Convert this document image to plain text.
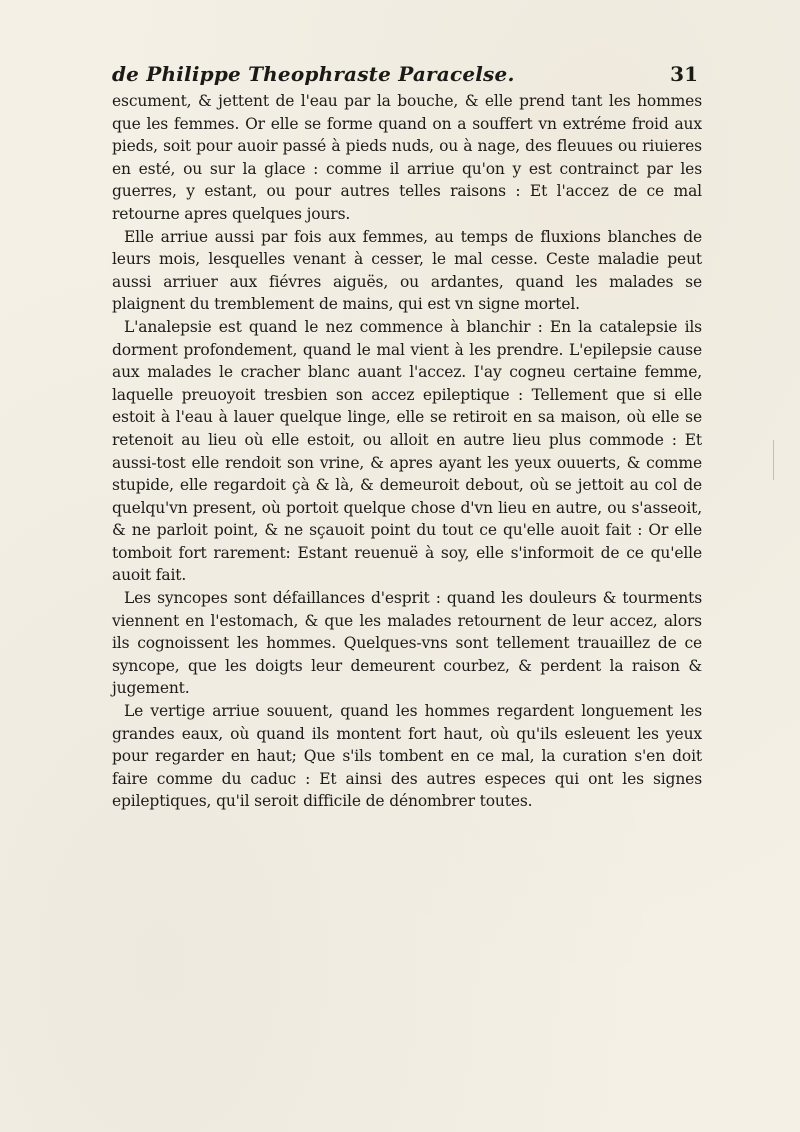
de Philippe Theophraste Paracelse.	31

escument, & jettent de l'eau par la bouche, & elle prend tant les hommes que les femmes. Or elle se forme quand on a souffert vn extréme froid aux pieds, soit pour auoir passé à pieds nuds, ou à nage, des fleuues ou riuieres en esté, ou sur la glace : comme il arriue qu'on y est contrainct par les guerres, y estant, ou pour autres telles raisons : Et l'accez de ce mal retourne apres quelques jours.

Elle arriue aussi par fois aux femmes, au temps de fluxions blanches de leurs mois, lesquelles venant à cesser, le mal cesse. Ceste maladie peut aussi arriuer aux fiévres aiguës, ou ardantes, quand les malades se plaignent du tremblement de mains, qui est vn signe mortel.

L'analepsie est quand le nez commence à blanchir : En la catalepsie ils dorment profondement, quand le mal vient à les prendre. L'epilepsie cause aux malades le cracher blanc auant l'accez. I'ay cogneu certaine femme, laquelle preuoyoit tresbien son accez epileptique : Tellement que si elle estoit à l'eau à lauer quelque linge, elle se retiroit en sa maison, où elle se retenoit au lieu où elle estoit, ou alloit en autre lieu plus commode : Et aussi-tost elle rendoit son vrine, & apres ayant les yeux ouuerts, & comme stupide, elle regardoit çà & là, & demeuroit debout, où se jettoit au col de quelqu'vn present, où portoit quelque chose d'vn lieu en autre, ou s'asseoit, & ne parloit point, & ne sçauoit point du tout ce qu'elle auoit fait : Or elle tomboit fort rarement: Estant reuenuë à soy, elle s'informoit de ce qu'elle auoit fait.

Les syncopes sont défaillances d'esprit : quand les douleurs & tourments viennent en l'estomach, & que les malades retournent de leur accez, alors ils cognoissent les hommes. Quelques-vns sont tellement trauaillez de ce syncope, que les doigts leur demeurent courbez, & perdent la raison & jugement.

Le vertige arriue souuent, quand les hommes regardent longuement les grandes eaux, où quand ils montent fort haut, où qu'ils esleuent les yeux pour regarder en haut; Que s'ils tombent en ce mal, la curation s'en doit faire comme du caduc : Et ainsi des autres especes qui ont les signes epileptiques, qu'il seroit difficile de dénombrer toutes.
